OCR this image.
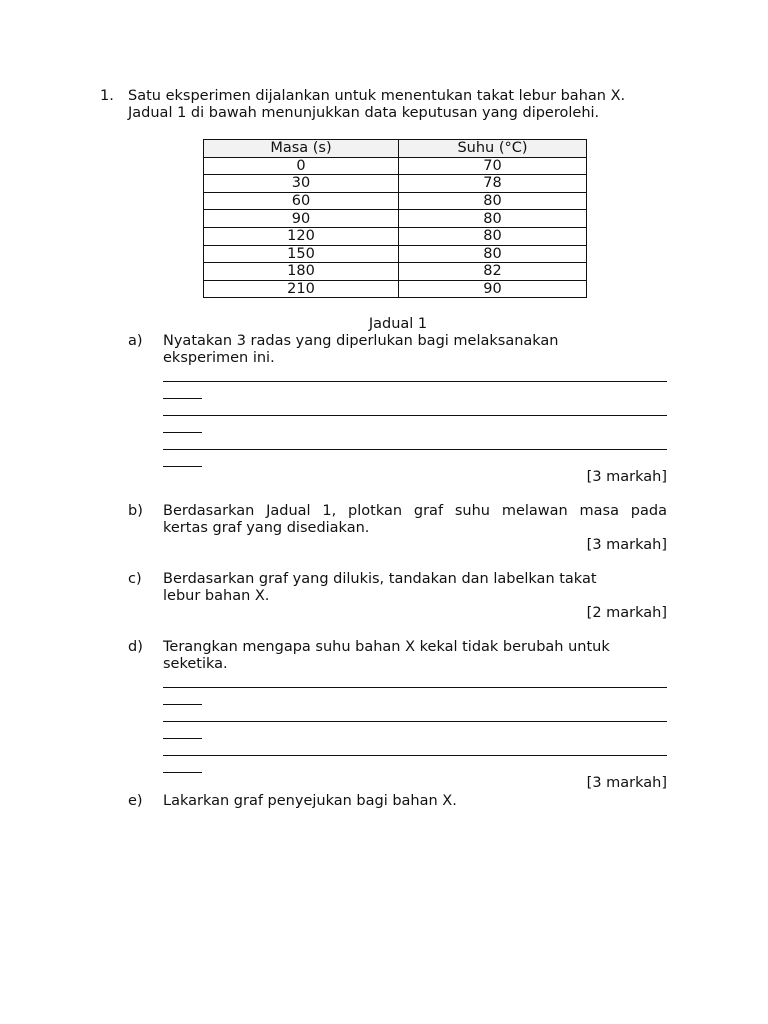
1. Satu eksperimen dijalankan untuk menentukan takat lebur bahan X.
Jadual 1 di bawah menunjukkan data keputusan yang diperolehi.
Masa (s)	Suhu (°C)
0	70
30	78
60	80
90	80
120	80
150	80
180	82
210	90
Jadual 1
a) Nyatakan 3 radas yang diperlukan bagi melaksanakan
eksperimen ini.
[3 markah]
b) Berdasarkan Jadual 1, plotkan graf suhu melawan masa pada
kertas graf yang disediakan.
[3 markah]
c) Berdasarkan graf yang dilukis, tandakan dan labelkan takat
lebur bahan X.
[2 markah]
d) Terangkan mengapa suhu bahan X kekal tidak berubah untuk
seketika.
[3 markah]
e) Lakarkan graf penyejukan bagi bahan X.
